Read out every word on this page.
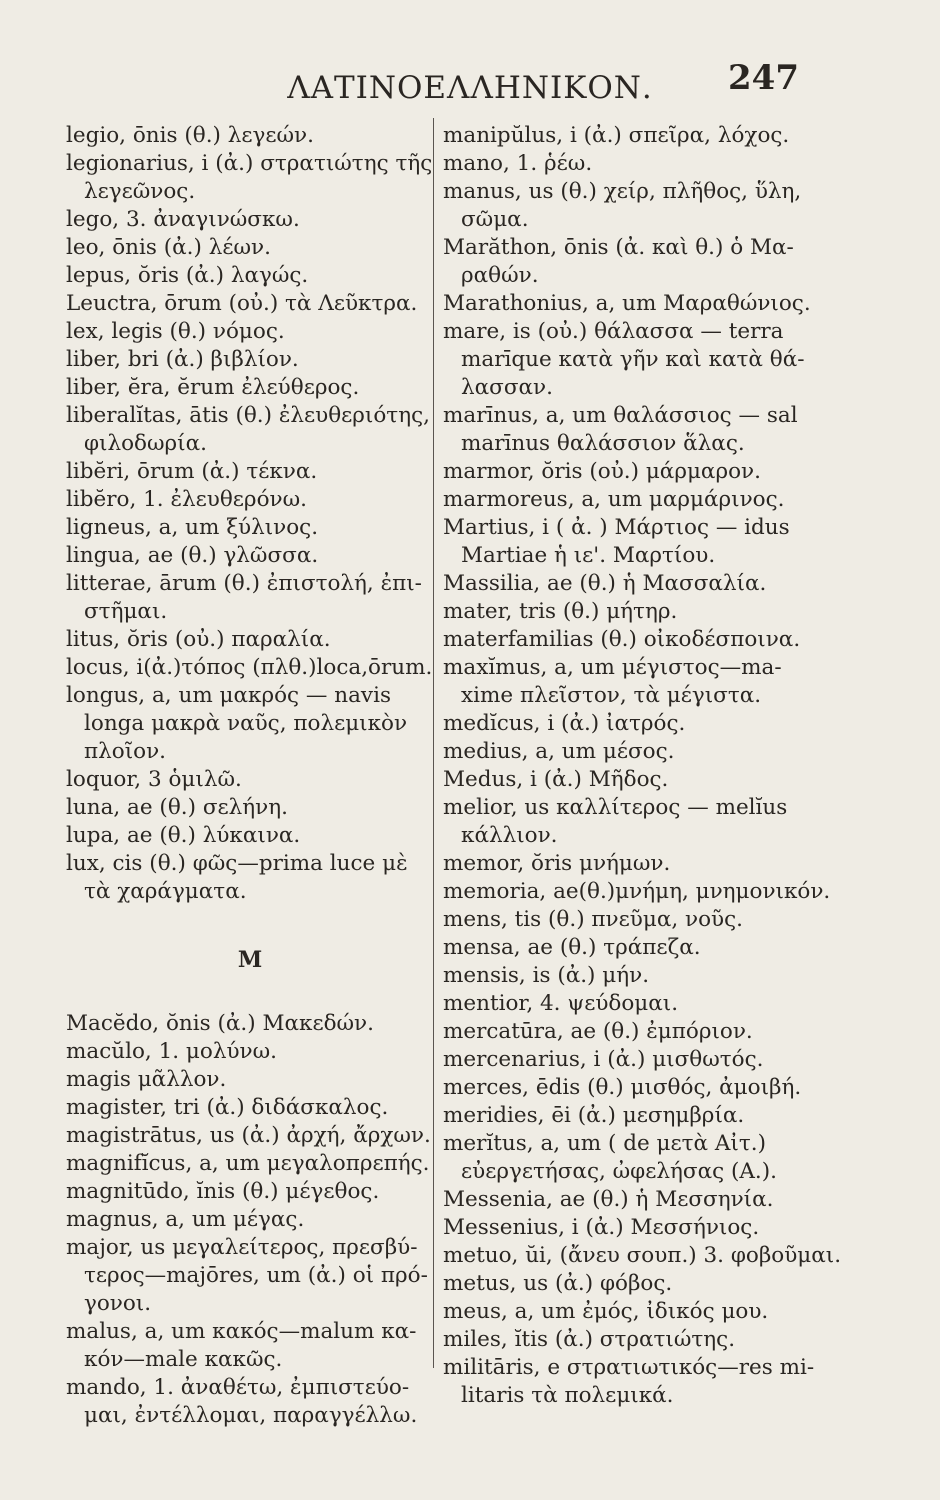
ΛΑΤΙΝΟΕΛΛΗΝΙΚΟΝ.	247
legio, ōnis (θ.) λεγεών.
legionarius, i (ἀ.) στρατιώτης τῆς

λεγεῶνος.
lego, 3. ἀναγινώσκω.
leo, ōnis (ἀ.) λέων.
lepus, ŏris (ἀ.) λαγώς.
Leuctra, ōrum (οὐ.) τὰ Λεῦκτρα.
lex, legis (θ.) νόμος.
liber, bri (ἀ.) βιβλίον.
liber, ĕra, ĕrum ἐλεύθερος.
liberalĭtas, ātis (θ.) ἐλευθεριότης,

φιλοδωρία.
libĕri, ōrum (ἀ.) τέκνα.
libĕro, 1. ἐλευθερόνω.
ligneus, a, um ξύλινος.
lingua, ae (θ.) γλῶσσα.
litterae, ārum (θ.) ἐπιστολή, ἐπι-

στῆμαι.
litus, ŏris (οὐ.) παραλία.
locus, i(ἀ.)τόπος (πλθ.)loca,ōrum.
longus, a, um μακρός — navis

longa μακρὰ ναῦς, πολεμικὸν
πλοῖον.
loquor, 3 ὁμιλῶ.
luna, ae (θ.) σελήνη.
lupa, ae (θ.) λύκαινα.
lux, cis (θ.) φῶς—prima luce μὲ

τὰ χαράγματα.
M
Macĕdo, ŏnis (ἀ.) Μακεδών.
macŭlo, 1. μολύνω.
magis μᾶλλον.
magister, tri (ἀ.) διδάσκαλος.
magistrātus, us (ἀ.) ἀρχή, ἄρχων.
magnifĭcus, a, um μεγαλοπρεπής.
magnitūdo, ĭnis (θ.) μέγεθος.
magnus, a, um μέγας.
major, us μεγαλείτερος, πρεσβύ-

τερος—majōres, um (ἀ.) οἱ πρό-
γονοι.
malus, a, um κακός—malum κα-

κόν—male κακῶς.
mando, 1. ἀναθέτω, ἐμπιστεύο-

μαι, ἐντέλλομαι, παραγγέλλω.
manipŭlus, i (ἀ.) σπεῖρα, λόχος.
mano, 1. ῥέω.
manus, us (θ.) χείρ, πλῆθος, ὕλη,

σῶμα.
Marăthon, ōnis (ἀ. καὶ θ.) ὁ Μα-

ραθών.
Marathonius, a, um Μαραθώνιος.
mare, is (οὐ.) θάλασσα — terra

marīque κατὰ γῆν καὶ κατὰ θά-
λασσαν.
marīnus, a, um θαλάσσιος — sal

marīnus θαλάσσιον ἅλας.
marmor, ŏris (οὐ.) μάρμαρον.
marmoreus, a, um μαρμάρινος.
Martius, i ( ἀ. ) Μάρτιος — idus

Martiae ἡ ιε'. Μαρτίου.
Massilia, ae (θ.) ἡ Μασσαλία.
mater, tris (θ.) μήτηρ.
materfamilias (θ.) οἰκοδέσποινα.
maxĭmus, a, um μέγιστος—ma-

xime πλεῖστον, τὰ μέγιστα.
medĭcus, i (ἀ.) ἰατρός.
medius, a, um μέσος.
Medus, i (ἀ.) Μῆδος.
melior, us καλλίτερος — melĭus

κάλλιον.
memor, ŏris μνήμων.
memoria, ae(θ.)μνήμη, μνημονικόν.
mens, tis (θ.) πνεῦμα, νοῦς.
mensa, ae (θ.) τράπεζα.
mensis, is (ἀ.) μήν.
mentior, 4. ψεύδομαι.
mercatūra, ae (θ.) ἐμπόριον.
mercenarius, i (ἀ.) μισθωτός.
merces, ēdis (θ.) μισθός, ἀμοιβή.
meridies, ēi (ἀ.) μεσημβρία.
merĭtus, a, um ( de μετὰ Αἰτ.)

εὐεργετήσας, ὠφελήσας (Α.).
Messenia, ae (θ.) ἡ Μεσσηνία.
Messenius, i (ἀ.) Μεσσήνιος.
metuo, ŭi, (ἄνευ σουπ.) 3. φοβοῦμαι.
metus, us (ἀ.) φόβος.
meus, a, um ἐμός, ἰδικός μου.
miles, ĭtis (ἀ.) στρατιώτης.
militāris, e στρατιωτικός—res mi-

litaris τὰ πολεμικά.
